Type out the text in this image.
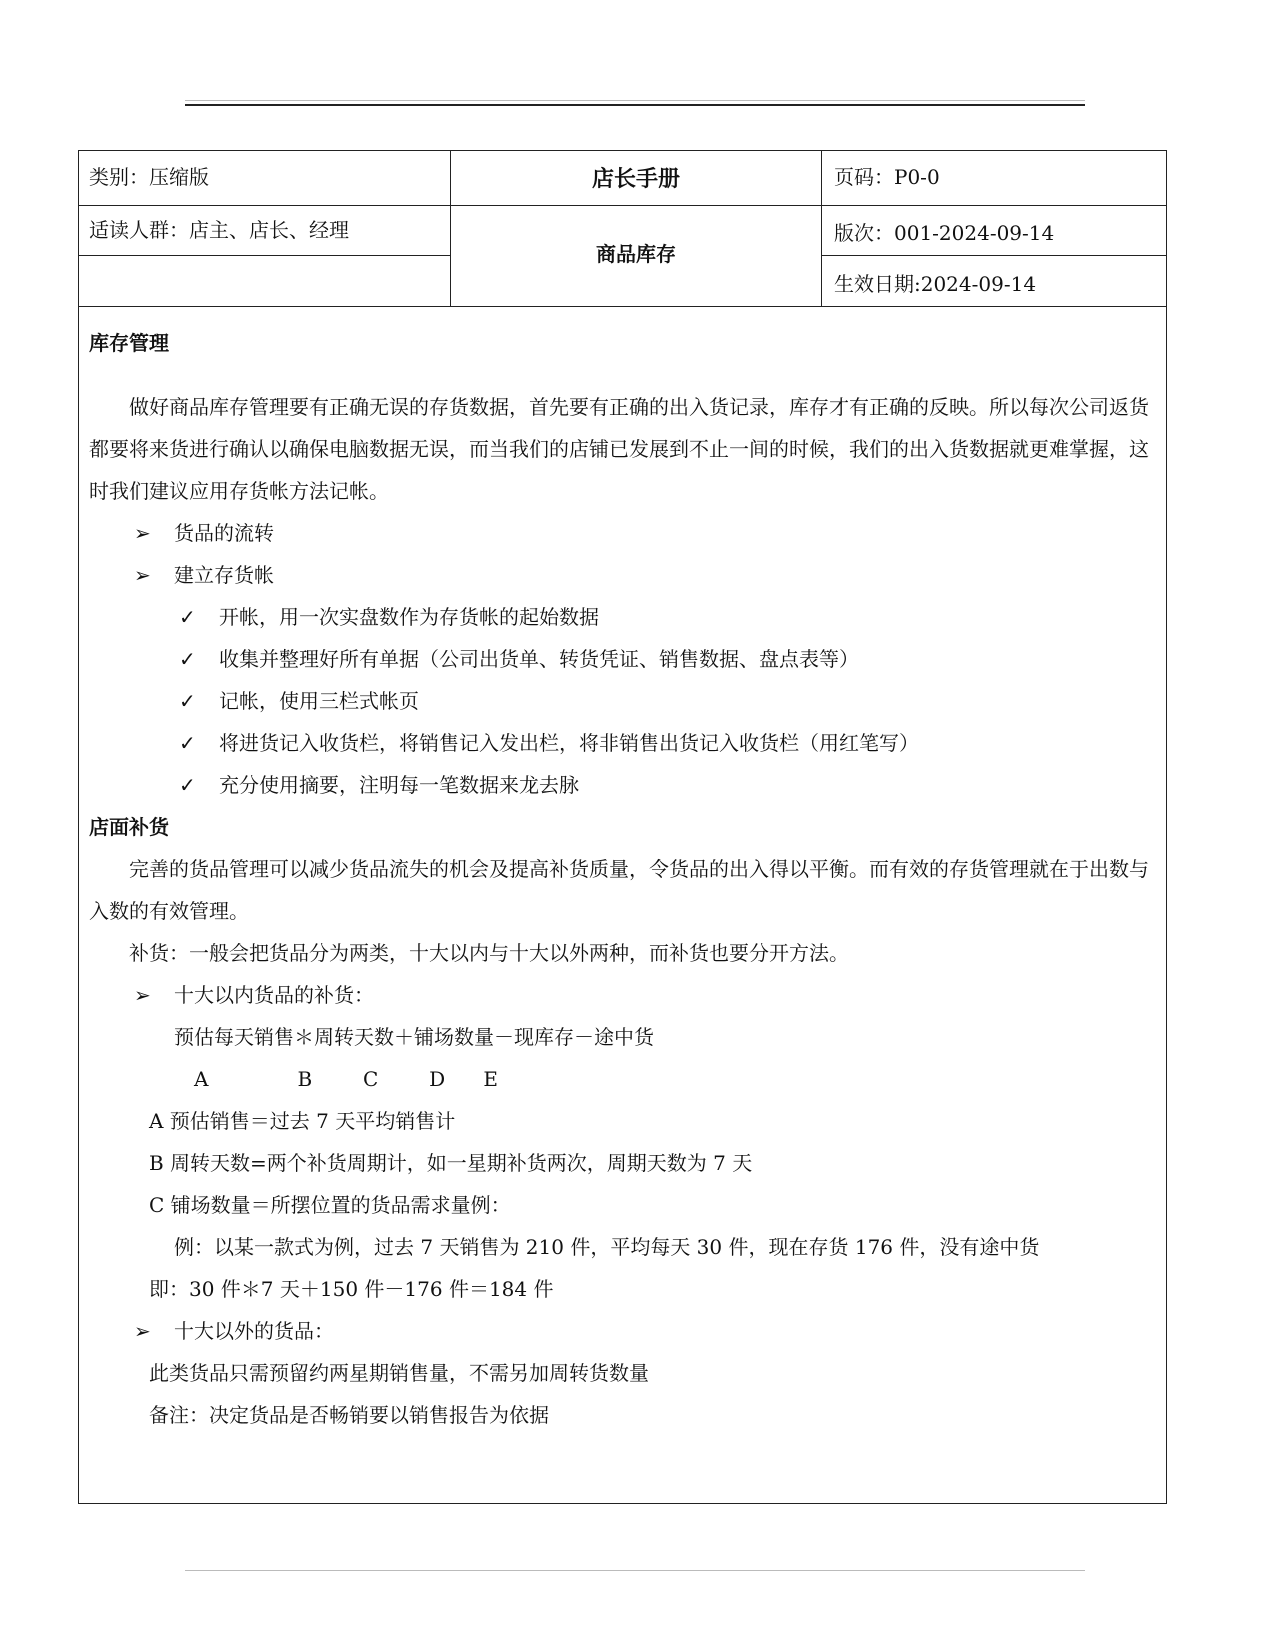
类别：压缩版
适读人群：店主、店长、经理
店长手册
商品库存
页码：P0-0
版次：001-2024-09-14
生效日期:2024-09-14

库存管理

做好商品库存管理要有正确无误的存货数据，首先要有正确的出入货记录，库存才有正确的反映。所以每次公司返货都要将来货进行确认以确保电脑数据无误，而当我们的店铺已发展到不止一间的时候，我们的出入货数据就更难掌握，这时我们建议应用存货帐方法记帐。

➢ 货品的流转

➢ 建立存货帐

✓ 开帐，用一次实盘数作为存货帐的起始数据

✓ 收集并整理好所有单据（公司出货单、转货凭证、销售数据、盘点表等）

✓ 记帐，使用三栏式帐页

✓ 将进货记入收货栏，将销售记入发出栏，将非销售出货记入收货栏（用红笔写）

✓ 充分使用摘要，注明每一笔数据来龙去脉

店面补货

完善的货品管理可以减少货品流失的机会及提高补货质量，令货品的出入得以平衡。而有效的存货管理就在于出数与入数的有效管理。

补货：一般会把货品分为两类，十大以内与十大以外两种，而补货也要分开方法。

➢ 十大以内货品的补货：

预估每天销售＊周转天数＋铺场数量－现库存－途中货

A              B        C        D      E

A 预估销售＝过去 7 天平均销售计

B 周转天数=两个补货周期计，如一星期补货两次，周期天数为 7 天

C 铺场数量＝所摆位置的货品需求量例：

例：以某一款式为例，过去 7 天销售为 210 件，平均每天 30 件，现在存货 176 件，没有途中货

即：30 件＊7 天＋150 件－176 件＝184 件

➢ 十大以外的货品：

此类货品只需预留约两星期销售量，不需另加周转货数量

备注：决定货品是否畅销要以销售报告为依据
